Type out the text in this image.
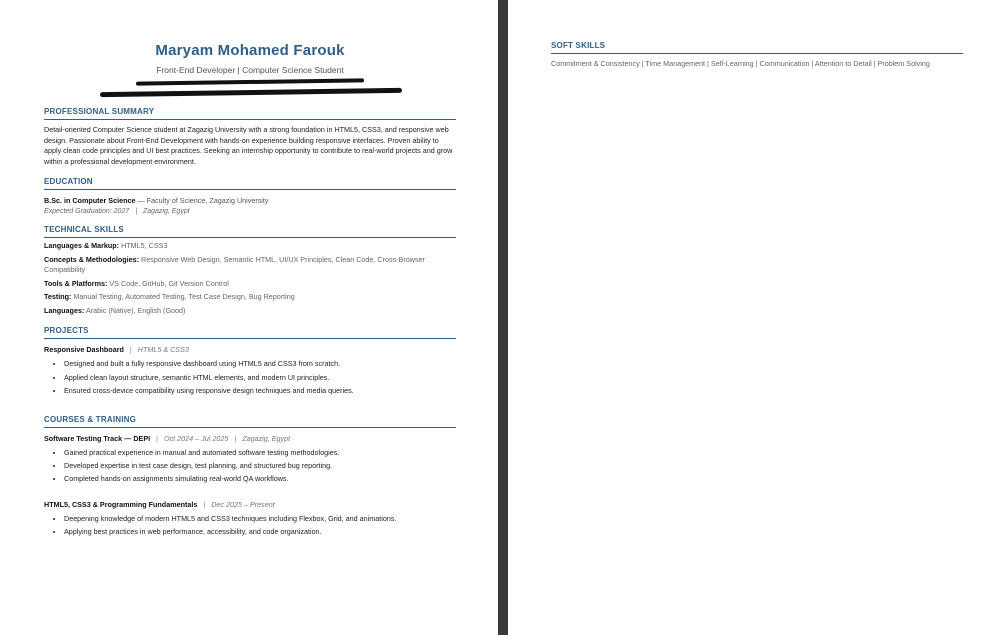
Maryam Mohamed Farouk
Front-End Developer | Computer Science Student
PROFESSIONAL SUMMARY
Detail-oriented Computer Science student at Zagazig University with a strong foundation in HTML5, CSS3, and responsive web design. Passionate about Front-End Development with hands-on experience building responsive interfaces. Proven ability to apply clean code principles and UI best practices. Seeking an internship opportunity to contribute to real-world projects and grow within a professional development environment.
EDUCATION
B.Sc. in Computer Science — Faculty of Science, Zagazig University
Expected Graduation: 2027 | Zagazig, Egypt
TECHNICAL SKILLS
Languages & Markup: HTML5, CSS3
Concepts & Methodologies: Responsive Web Design, Semantic HTML, UI/UX Principles, Clean Code, Cross-Browser Compatibility
Tools & Platforms: VS Code, GitHub, Git Version Control
Testing: Manual Testing, Automated Testing, Test Case Design, Bug Reporting
Languages: Arabic (Native), English (Good)
PROJECTS
Responsive Dashboard | HTML5 & CSS3
• Designed and built a fully responsive dashboard using HTML5 and CSS3 from scratch.
• Applied clean layout structure, semantic HTML elements, and modern UI principles.
• Ensured cross-device compatibility using responsive design techniques and media queries.
COURSES & TRAINING
Software Testing Track — DEPI | Oct 2024 – Jul 2025 | Zagazig, Egypt
• Gained practical experience in manual and automated software testing methodologies.
• Developed expertise in test case design, test planning, and structured bug reporting.
• Completed hands-on assignments simulating real-world QA workflows.
HTML5, CSS3 & Programming Fundamentals | Dec 2025 – Present
• Deepening knowledge of modern HTML5 and CSS3 techniques including Flexbox, Grid, and animations.
• Applying best practices in web performance, accessibility, and code organization.
SOFT SKILLS
Commitment & Consistency | Time Management | Self-Learning | Communication | Attention to Detail | Problem Solving
